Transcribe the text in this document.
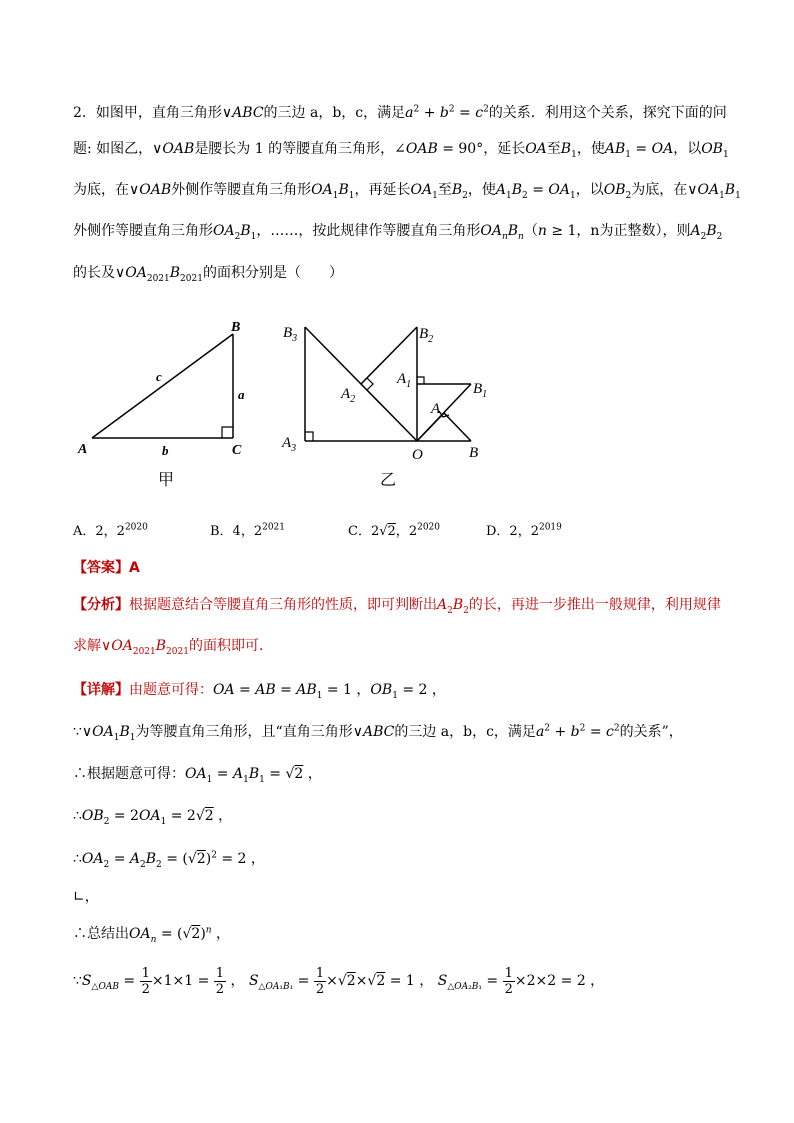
2．如图甲，直角三角形∨ABC的三边 a，b，c，满足$a^2 + b^2 = c^2$的关系．利用这个关系，探究下面的问
题: 如图乙，∨OAB是腰长为 1 的等腰直角三角形，∠OAB = 90°，延长OA至$B_1$，使$AB_1$ = OA，以$OB_1$
为底，在∨OAB外侧作等腰直角三角形$OA_1B_1$，再延长$OA_1$至$B_2$，使$A_1B_2 = OA_1$，以$OB_2$为底，在$\vee OA_1B_1$
外侧作等腰直角三角形$OA_2B_1$，……，按此规律作等腰直角三角形$OA_nB_n(n \ge 1$，n为正整数），则$A_2B_2$
的长及$\vee OA_{2021}B_{2021}$的面积分别是（　　）
A
B
C
a
b
c
甲
$B_3$
O
$A_3$
$B_2$
$A_2$
$B_1$
$A_1$
B
A
乙
A．2，$2^{2020}$	B．4，$2^{2021}$	C．2√2，$2^{2020}$	D．2，$2^{2019}$
【答案】A
【分析】根据题意结合等腰直角三角形的性质，即可判断出$A_2B_2$的长，再进一步推出一般规律，利用规律
求解$\vee OA_{2021}B_{2021}$的面积即可．
【详解】由题意可得：OA = AB = $AB_1 = 1$ ，$OB_1 = 2$ ，
$\because\vee OA_1B_1$为等腰直角三角形，且“直角三角形∨ABC的三边 a，b，c，满足$a^2 + b^2 = c^2$的关系”，
∴根据题意可得：$OA_1 = A_1B_1 = √2$ ，
$\therefore OB_2 = 2OA_1 = 2√2$ ，
$\therefore OA_2 = A_2B_2 = (√2)^2 = 2$ ，
∟，
∴总结出$OA_n = (√2)^n$ ，
$\because S_{\triangle OAB} = \frac{1}{2} \times 1\times 1 = \frac{1}{2}$ ， $S_{\triangle OA_1B_1} = \frac{1}{2} \times√2\times√2 = 1$ ， $S_{\triangle OA_2B_1} = \frac{1}{2} \times 2\times 2 = 2$ ，
